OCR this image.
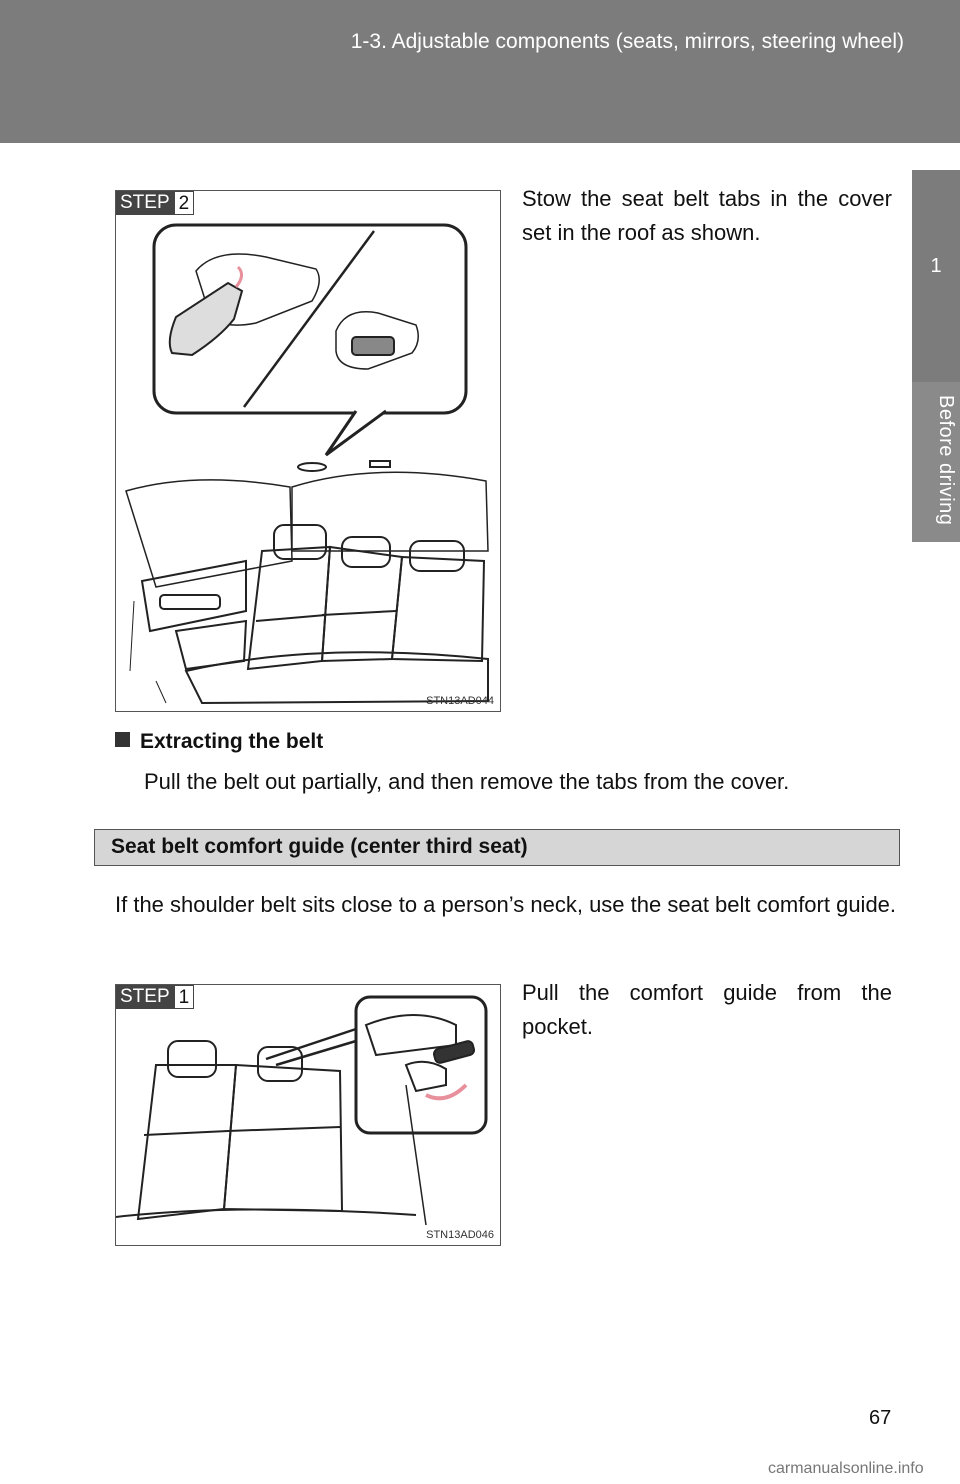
1-3. Adjustable components (seats, mirrors, steering wheel)
1
Before driving
STEP 2
STN13AD044
Stow the seat belt tabs in the cover set in the roof as shown.
Extracting the belt
Pull the belt out partially, and then remove the tabs from the cover.
Seat belt comfort guide (center third seat)
If the shoulder belt sits close to a person’s neck, use the seat belt comfort guide.
STEP 1
STN13AD046
Pull the comfort guide from the pocket.
67
carmanualsonline.info
